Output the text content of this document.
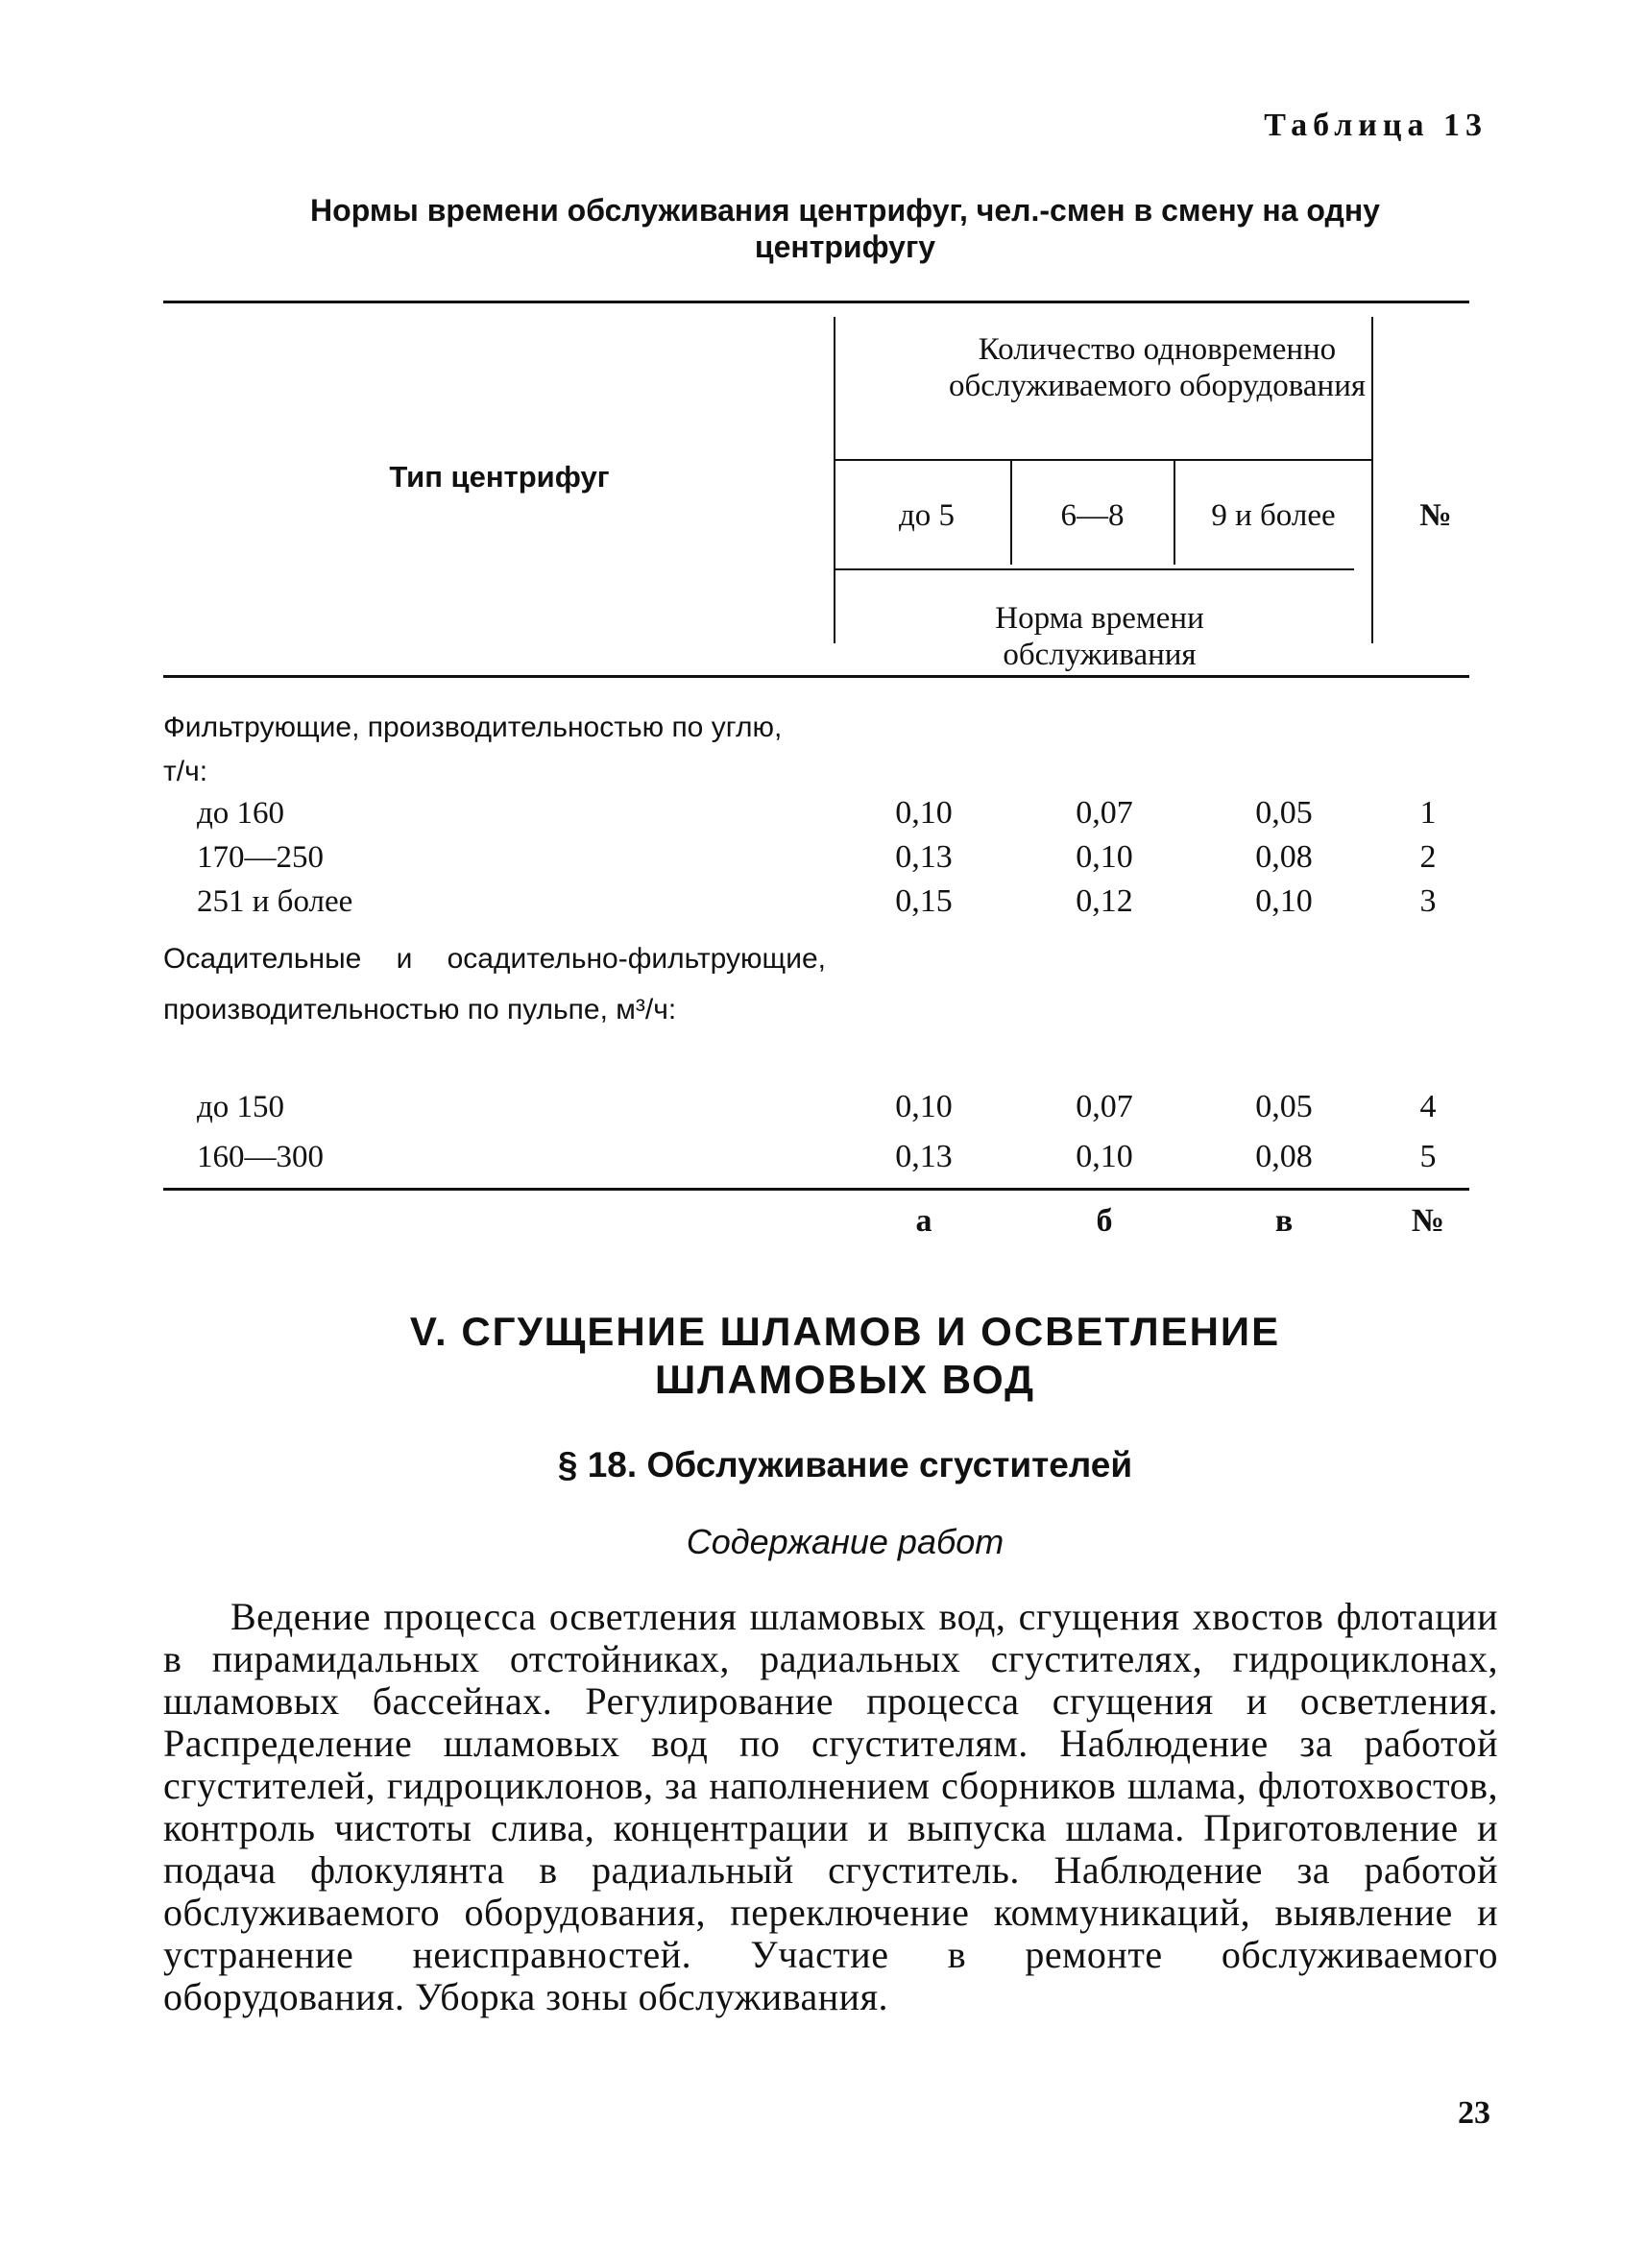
Таблица 13
Нормы времени обслуживания центрифуг, чел.-смен в смену на одну центрифугу
Тип центрифуг
Количество одновременно обслуживаемого оборудования
до 5	6—8	9 и более	№
Норма времени обслуживания
Фильтрующие, производительностью по углю, т/ч:
до 160	0,10	0,07	0,05	1
170—250	0,13	0,10	0,08	2
251 и более	0,15	0,12	0,10	3
Осадительные и осадительно-фильтрующие, производительностью по пульпе, м³/ч:
до 150	0,10	0,07	0,05	4
160—300	0,13	0,10	0,08	5
а	б	в	№
V. СГУЩЕНИЕ ШЛАМОВ И ОСВЕТЛЕНИЕ ШЛАМОВЫХ ВОД
§ 18. Обслуживание сгустителей
Содержание работ
Ведение процесса осветления шламовых вод, сгущения хвостов флотации в пирамидальных отстойниках, радиальных сгустителях, гидроциклонах, шламовых бассейнах. Регулирование процесса сгущения и осветления. Распределение шламовых вод по сгустителям. Наблюдение за работой сгустителей, гидроциклонов, за наполнением сборников шлама, флотохвостов, контроль чистоты слива, концентрации и выпуска шлама. Приготовление и подача флокулянта в радиальный сгуститель. Наблюдение за работой обслуживаемого оборудования, переключение коммуникаций, выявление и устранение неисправностей. Участие в ремонте обслуживаемого оборудования. Уборка зоны обслуживания.
23
